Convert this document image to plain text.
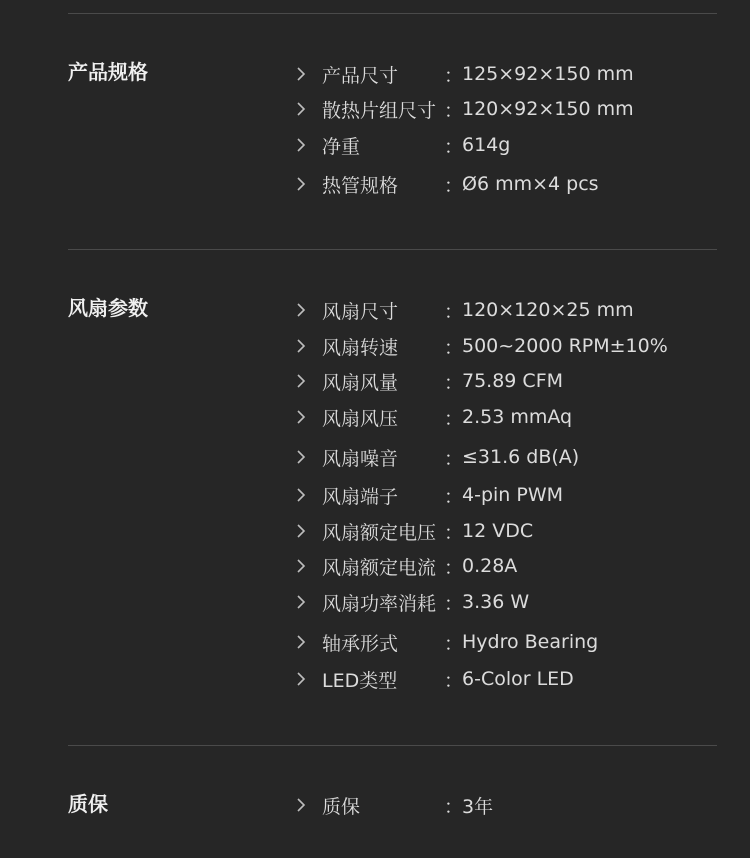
产品规格	产品尺寸	：
125×92×150 mm
散热片组尺寸 ：
120×92×150 mm
净重	：
614g
热管规格	：
Ø6 mm×4 pcs
风扇参数	风扇尺寸	：
120×120×25 mm
风扇转速	：
500~2000 RPM±10%
风扇风量	：
75.89 CFM
风扇风压	：
2.53 mmAq
风扇噪音	：
≤31.6 dB(A)
风扇端子	：
4-pin PWM
风扇额定电压 ：
12 VDC
风扇额定电流 ：
0.28A
风扇功率消耗 ：
3.36 W
轴承形式	：
Hydro Bearing
LED类型	：
6-Color LED
质保	质保	：
3年
